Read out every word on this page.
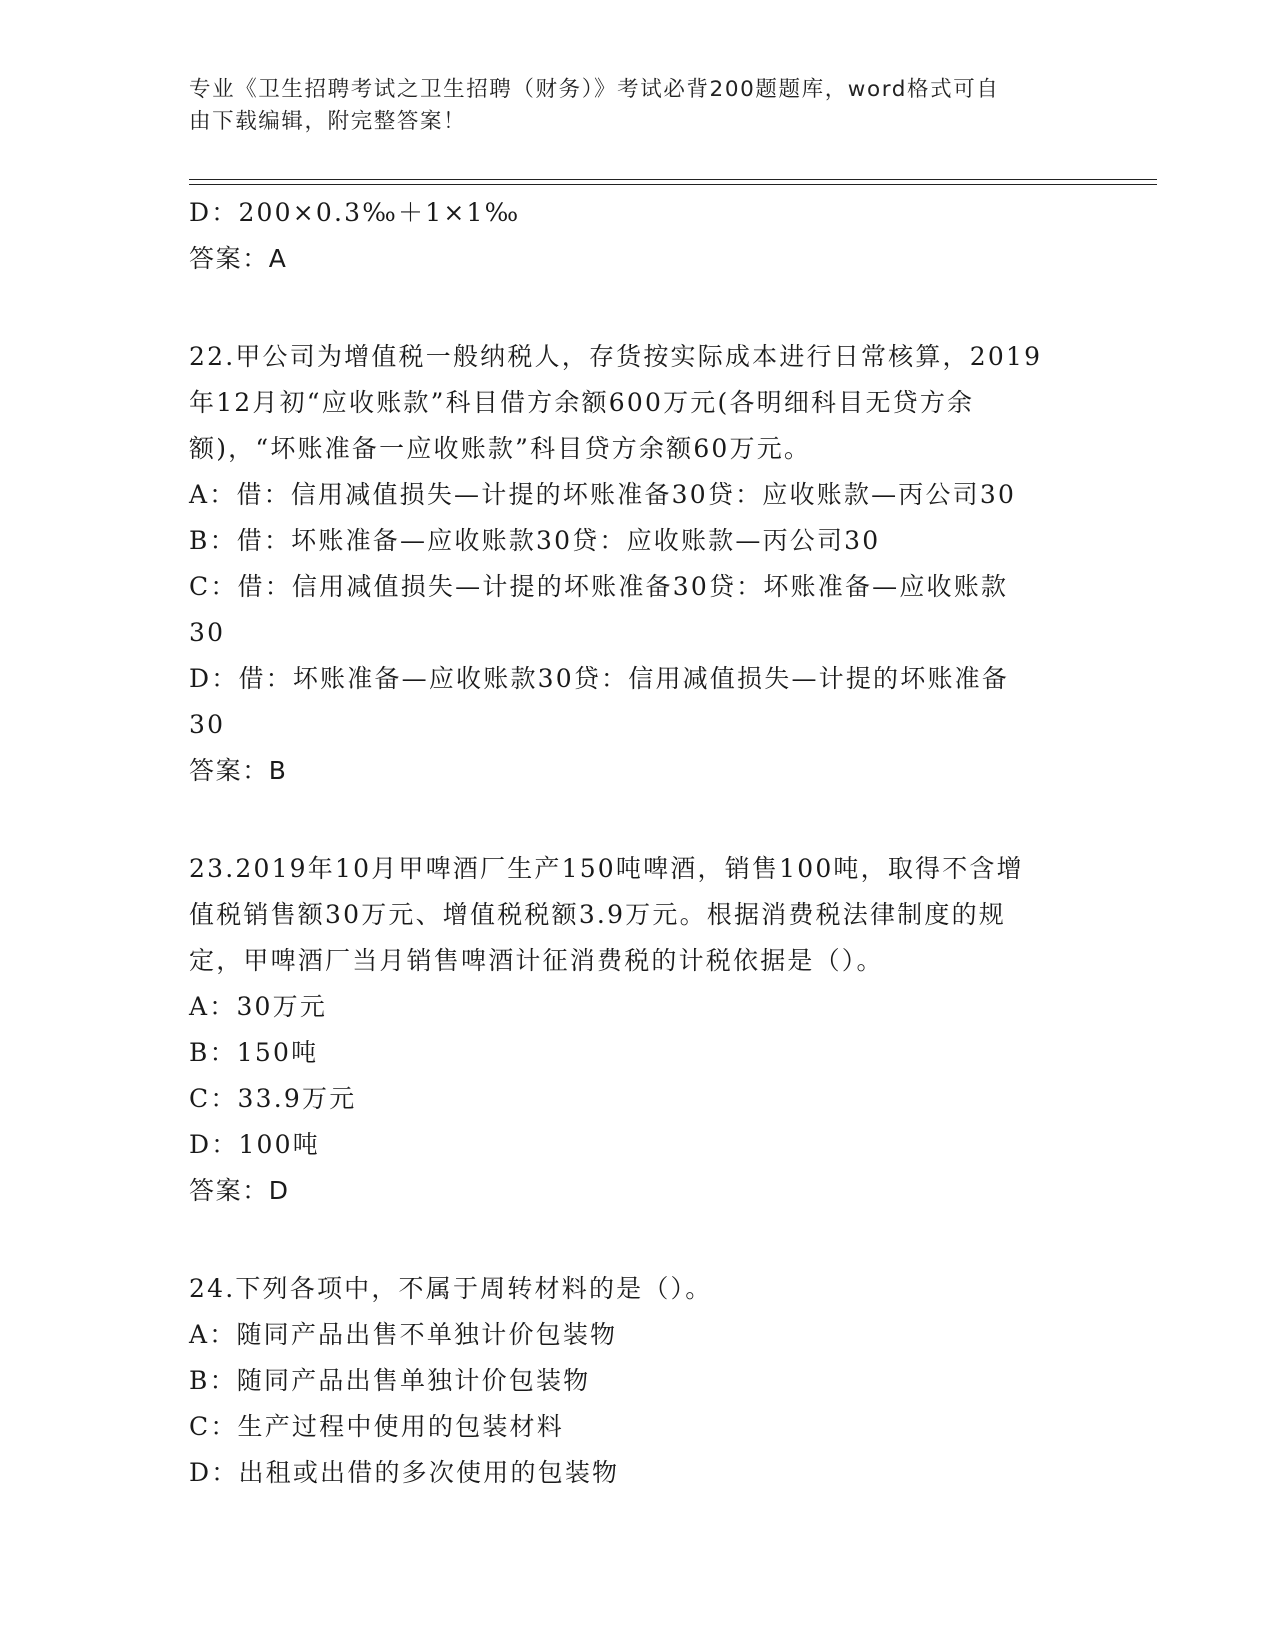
专业《卫生招聘考试之卫生招聘（财务）》考试必背200题题库，word格式可自
由下载编辑，附完整答案！
D：200×0.3‰＋1×1‰
答案：A
22.甲公司为增值税一般纳税人，存货按实际成本进行日常核算，2019
年12月初“应收账款”科目借方余额600万元(各明细科目无贷方余
额)，“坏账准备一应收账款”科目贷方余额60万元。
A：借：信用减值损失—计提的坏账准备30贷：应收账款—丙公司30
B：借：坏账准备—应收账款30贷：应收账款—丙公司30
C：借：信用减值损失—计提的坏账准备30贷：坏账准备—应收账款
30
D：借：坏账准备—应收账款30贷：信用减值损失—计提的坏账准备
30
答案：B
23.2019年10月甲啤酒厂生产150吨啤酒，销售100吨，取得不含增
值税销售额30万元、增值税税额3.9万元。根据消费税法律制度的规
定，甲啤酒厂当月销售啤酒计征消费税的计税依据是（）。
A：30万元
B：150吨
C：33.9万元
D：100吨
答案：D
24.下列各项中，不属于周转材料的是（）。
A：随同产品出售不单独计价包装物
B：随同产品出售单独计价包装物
C：生产过程中使用的包装材料
D：出租或出借的多次使用的包装物
